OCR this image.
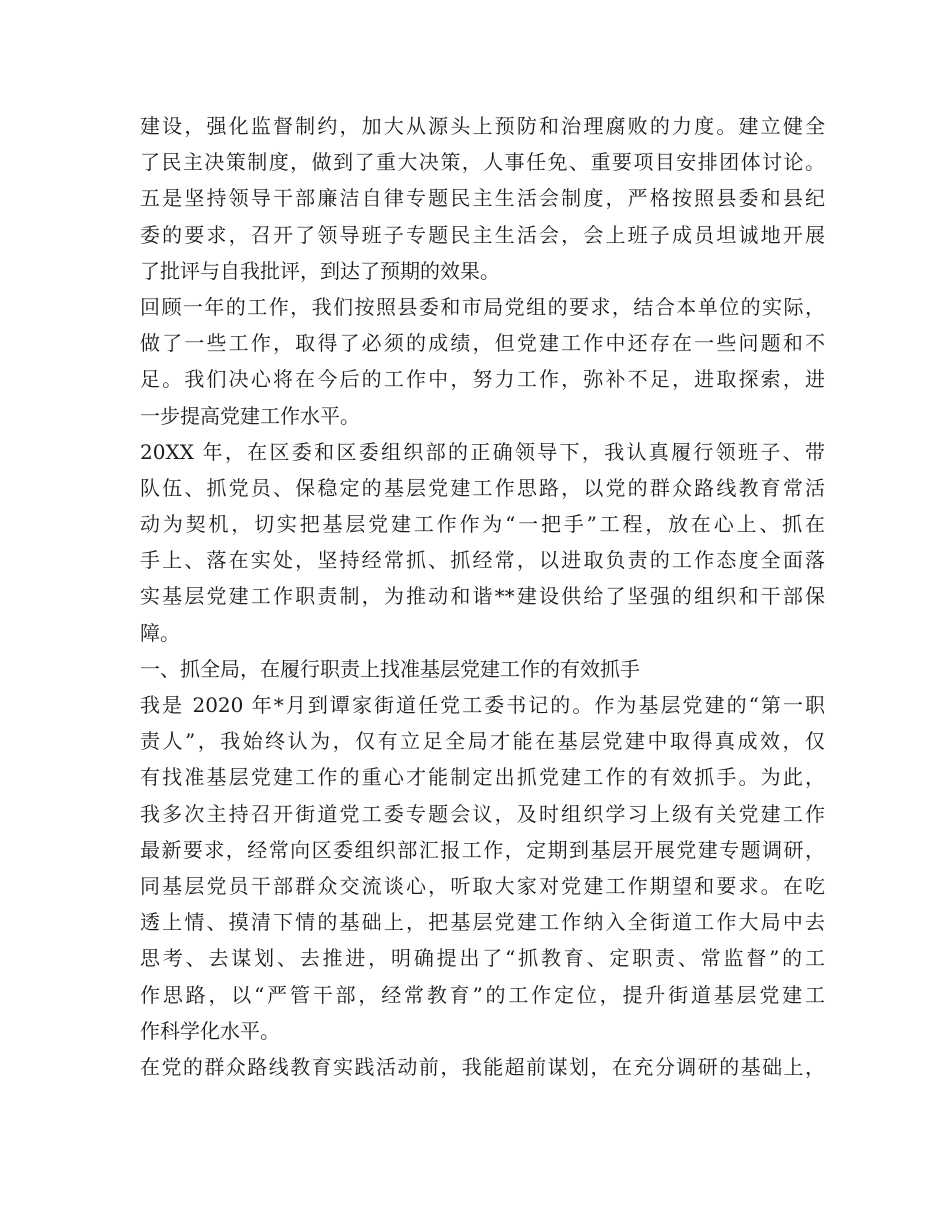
建设，强化监督制约，加大从源头上预防和治理腐败的力度。建立健全
了民主决策制度，做到了重大决策，人事任免、重要项目安排团体讨论。
五是坚持领导干部廉洁自律专题民主生活会制度，严格按照县委和县纪
委的要求，召开了领导班子专题民主生活会，会上班子成员坦诚地开展
了批评与自我批评，到达了预期的效果。
回顾一年的工作，我们按照县委和市局党组的要求，结合本单位的实际，
做了一些工作，取得了必须的成绩，但党建工作中还存在一些问题和不
足。我们决心将在今后的工作中，努力工作，弥补不足，进取探索，进
一步提高党建工作水平。
20XX 年，在区委和区委组织部的正确领导下，我认真履行领班子、带
队伍、抓党员、保稳定的基层党建工作思路，以党的群众路线教育常活
动为契机，切实把基层党建工作作为“一把手”工程，放在心上、抓在
手上、落在实处，坚持经常抓、抓经常，以进取负责的工作态度全面落
实基层党建工作职责制，为推动和谐**建设供给了坚强的组织和干部保
障。
一、抓全局，在履行职责上找准基层党建工作的有效抓手
我是 2020 年*月到谭家街道任党工委书记的。作为基层党建的“第一职
责人”，我始终认为，仅有立足全局才能在基层党建中取得真成效，仅
有找准基层党建工作的重心才能制定出抓党建工作的有效抓手。为此，
我多次主持召开街道党工委专题会议，及时组织学习上级有关党建工作
最新要求，经常向区委组织部汇报工作，定期到基层开展党建专题调研，
同基层党员干部群众交流谈心，听取大家对党建工作期望和要求。在吃
透上情、摸清下情的基础上，把基层党建工作纳入全街道工作大局中去
思考、去谋划、去推进，明确提出了“抓教育、定职责、常监督”的工
作思路，以“严管干部，经常教育”的工作定位，提升街道基层党建工
作科学化水平。
在党的群众路线教育实践活动前，我能超前谋划，在充分调研的基础上，
